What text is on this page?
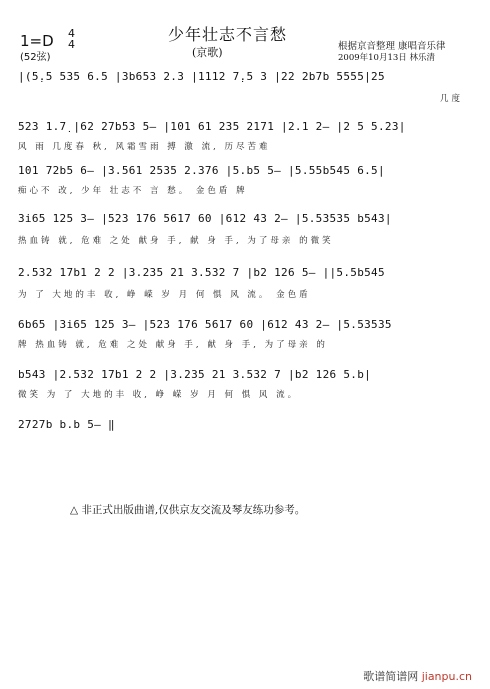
1=D 4
4
(52弦)
少年壮志不言愁
(京歌)	根据京音整理 康唱音乐律
2009年10月13日 林乐清
|(5̣.5 535 6.5 |3b653 2.3 |1112 7̣.5 3 |22 2b7b 5555|25
几度
523 1.7̣ |62 27b53 5— |101 61 235 2171 |2.1 2— |2 5 5.23|
风 雨 几度春 秋, 风霜雪雨 搏 激 流, 历尽苦难
101 72b5 6— |3.561 2535 2.376 |5.b5 5— |5.55b545 6.5|
痴心不 改, 少年 壮志不 言 愁。 金色盾 牌
3i65 125 3— |523 176 5617 60 |612 43 2— |5.53535 b543|
热血铸 就, 危难 之处 献身 手, 献 身 手, 为了母亲 的微笑
2.532 17b1 2 2 |3.235 21 3.532 7 |b2 126 5— ||5.5b545
为 了 大地的丰 收, 峥 嵘 岁 月 何 惧 风 流。 金色盾
6b65 |3i65 125 3— |523 176 5617 60 |612 43 2— |5.53535
牌 热血铸 就, 危难 之处 献身 手, 献 身 手, 为了母亲 的
b543 |2.532 17b1 2 2 |3.235 21 3.532 7 |b2 126 5.b|
微笑 为 了 大地的丰 收, 峥 嵘 岁 月 何 惧 风 流。
2727b b.b 5— ‖
△ 非正式出版曲谱,仅供京友交流及琴友练功参考。
歌谱简谱网 jianpu.cn
